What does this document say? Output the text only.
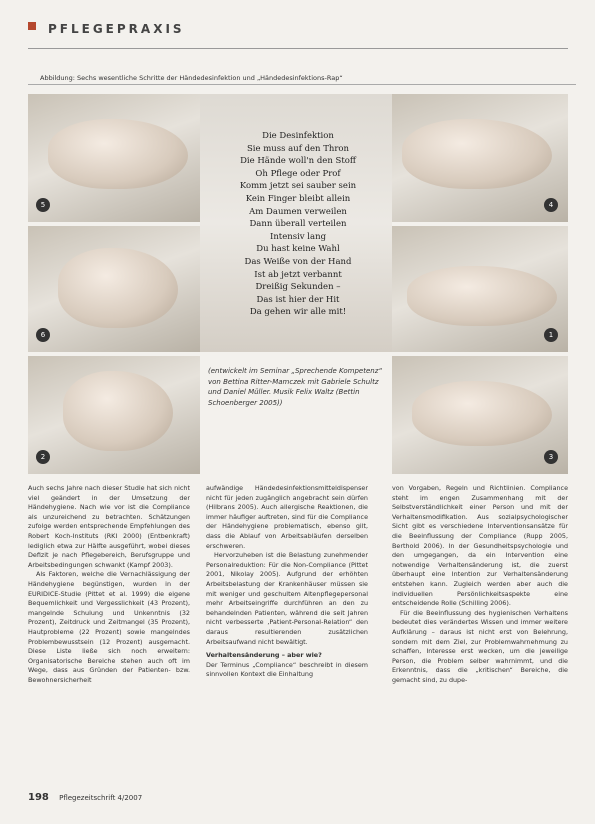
PFLEGEPRAXIS
Abbildung: Sechs wesentliche Schritte der Händedesinfektion und „Händedesinfektions-Rap“
5	4
6	1
2	3
Die Desinfektion
Sie muss auf den Thron
Die Hände woll'n den Stoff
Oh Pflege oder Prof
Komm jetzt sei sauber sein
Kein Finger bleibt allein
Am Daumen verweilen
Dann überall verteilen
Intensiv lang
Du hast keine Wahl
Das Weiße von der Hand
Ist ab jetzt verbannt
Dreißig Sekunden –
Das ist hier der Hit
Da gehen wir alle mit!
(entwickelt im Seminar „Sprechende Kompetenz“ von Bettina Ritter-Mamczek mit Gabriele Schultz und Daniel Müller. Musik Felix Waltz (Bettin Schoenberger 2005))

Auch sechs Jahre nach dieser Studie hat sich nicht viel geändert in der Umsetzung der Händehygiene. Nach wie vor ist die Compliance als unzureichend zu betrachten. Schätzungen zufolge werden entsprechende Empfehlungen des Robert Koch-Instituts (RKI 2000) (Entbenkraft) lediglich etwa zur Hälfte ausgeführt, wobei dieses Defizit je nach Pflegebereich, Berufsgruppe und Arbeitsbedingungen schwankt (Kampf 2003).

Als Faktoren, welche die Vernachlässigung der Händehygiene begünstigen, wurden in der EURIDICE-Studie (Pittet et al. 1999) die eigene Bequemlichkeit und Vergesslichkeit (43 Prozent), mangelnde Schulung und Unkenntnis (32 Prozent), Zeitdruck und Zeitmangel (35 Prozent), Hautprobleme (22 Prozent) sowie mangelndes Problembewusstsein (12 Prozent) ausgemacht. Diese Liste ließe sich noch erweitern: Organisatorische Bereiche stehen auch oft im Wege, dass aus Gründen der Patienten- bzw. Bewohnersicherheit

aufwändige Händedesinfektionsmitteldispenser nicht für jeden zugänglich angebracht sein dürfen (Hilbrans 2005). Auch allergische Reaktionen, die immer häufiger auftreten, sind für die Compliance der Händehygiene problematisch, ebenso gilt, dass die Ablauf von Arbeitsabläufen derselben erschweren.

Hervorzuheben ist die Belastung zunehmender Personalreduktion: Für die Non-Compliance (Pittet 2001, Nikolay 2005). Aufgrund der erhöhten Arbeitsbelastung der Krankenhäuser müssen sie mit weniger und geschultem Altenpflegepersonal mehr Arbeitseingriffe durchführen an den zu behandelnden Patienten, während die seit Jahren nicht verbesserte ,Patient-Personal-Relation“ den daraus resultierenden zusätzlichen Arbeitsaufwand nicht bewältigt.

Verhaltensänderung – aber wie?

Der Terminus „Compliance“ beschreibt in diesem sinnvollen Kontext die Einhaltung

von Vorgaben, Regeln und Richtlinien. Compliance steht im engen Zusammenhang mit der Selbstverständlichkeit einer Person und mit der Verhaltensmodifikation. Aus sozialpsychologischer Sicht gibt es verschiedene Interventionsansätze für die Beeinflussung der Compliance (Rupp 2005, Berthold 2006). In der Gesundheitspsychologie und den umgegangen, da ein Intervention eine notwendige Verhaltensänderung ist, die zuerst überhaupt eine Intention zur Verhaltensänderung entstehen kann. Zugleich werden aber auch die individuellen Persönlichkeitsaspekte eine entscheidende Rolle (Schilling 2006).

Für die Beeinflussung des hygienischen Verhaltens bedeutet dies verändertes Wissen und immer weitere Aufklärung – daraus ist nicht erst von Belehrung, sondern mit dem Ziel, zur Problemwahrnehmung zu schaffen, Interesse erst wecken, um die jeweilige Person, die Problem selber wahrnimmt, und die Erkenntnis, dass die „kritischen“ Bereiche, die gemacht sind, zu dupe-

198 Pflegezeitschrift 4/2007
